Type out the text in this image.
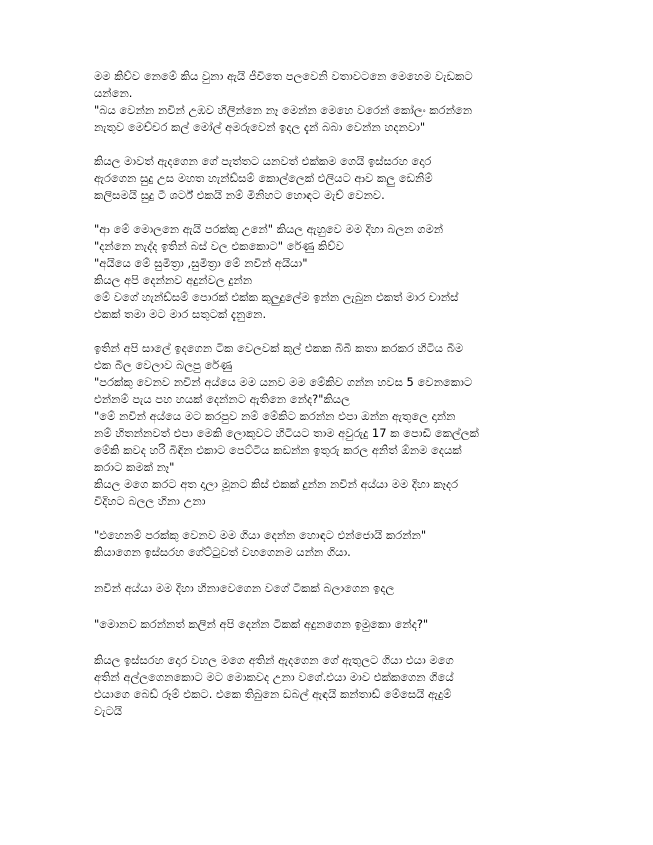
මම කිව්ව නෙමේ කිය වුනා ඇයි ජීවිතෙ පලවෙනි වතාවටනෙ මෙහෙම වැඩකට
යන්නෙ.
"බය වෙන්න නවින් උඹව හිලින්නෙ නෑ මෙන්න මෙහෙ වරෙන් කෝලං කරන්නෙ
නැතුව මෙච්චර කල් මෝල් අමරුවෙන් ඉදල දැන් බබා වෙන්න හදනවා"
කියල මාවත් ඇදගෙන ගේ පැත්තට යනවත් එක්කම ගෙයි ඉස්සරහ දොර
ඇරගෙන සුදු උස මහත හැන්ඩ්සම් කොල්ලෙක් එලියට ආව කලු ඩෙනිම්
කලිසමයි සුදු ටී ශර්ට් එකයි නම් මිනිහට හොඳට මැච් වෙනව.
"ආ මේ මොලනෙ ඇයි පරක්කු උනේ" කියල ඇහුවෙ මම දිහා බලන ගමන්
"දන්නෙ නැද්ද ඉතින් බස් වල එකකොට" රේණු කිව්ව
"අයියෙ මේ සුමිත්‍රා ,සුමිත්‍රා මේ නවින් අයියා"
කියල අපි දෙන්නව අදුන්වල දුන්න
මේ වගේ හැන්ඩ්සම් පොරක් එක්ක කුලුදුලේම ඉන්න ලැබුන එකත් මාර චාන්ස්
එකක් තමා මට මාර සතුටක් දැනුනෙ.
ඉතින් අපි සාලේ ඉදගෙන ටික වෙලවක් කුල් එකක බිබී කතා කරකර හිටිය බීම
එක බීල වෙලාව බලපු රේණු
"පරක්කු වෙනව නවින් අය්යෙ මම යනව මම මේකිව ගන්න හවස 5 වෙනකොට
එන්නම් පැය පහ හයක් දෙන්නට ඇතිනෙ නේද?"කියල
"මේ නවින් අය්යෙ මට කරපුව නම් මේකිට කරන්න එපා ඔන්න ඇතුලෙ දාන්න
නම් හිතන්නවත් එපා මෙකි ලොකුවට හිටියට තාම අවුරුදු 17 ක පොඩි කෙල්ලක්
මේකි කවද හරි බිඳින එකාට පෙට්ටිය කඩන්න ඉතුරු කරල අනිත් ඕනම දෙයක්
කරාට කමක් නෑ"
කියල මගෙ කරට අත දාලා මූනට කිස් එකක් දුන්න නවින් අය්යා මම දිහා කෑදර
විදිහට බලල හිනා උනා
"එහෙනම් පරක්කු වෙනව මම ගියා දෙන්න හොඳට එන්ජොයි කරන්න"
කියාගෙන ඉස්සරහ ගේට්ටුවත් වහගෙනම යන්න ගියා.
නවින් අය්යා මම දිහා හිනාවෙගෙන වගේ ටිකක් බලාගෙන ඉදල
"මොනව කරන්නත් කලින් අපි දෙන්න ටිකක් අදුනගෙන ඉමුකො නේද?"
කියල ඉස්සරහ දොර වහල මගෙ අතින් ඇදගෙන ගේ ඇතුලට ගියා එයා මගෙ
අතින් අල්ලගෙනකොට මට මොකවද උනා වගේ.එයා මාව එක්කගෙන ගියේ
එයාගෙ බෙඩ් රූම් එකට. එකෙ තිබුනෙ ඩබල් ඇඳයි කන්තාඩ් මේසෙයි ඇදුම්
වැටයි
